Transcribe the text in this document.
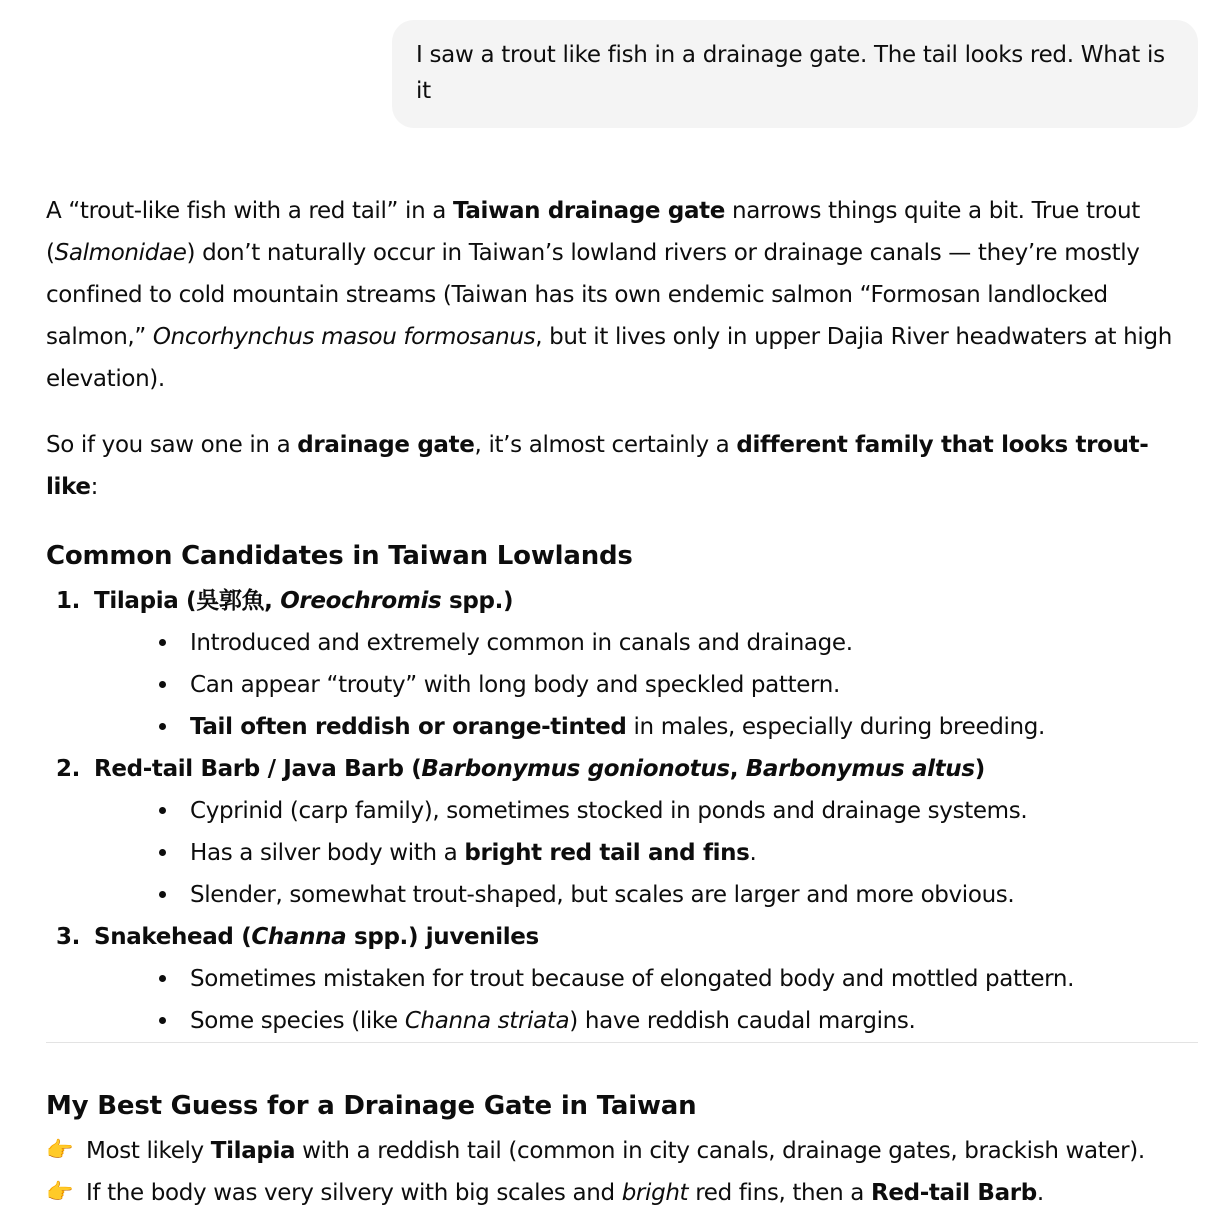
I saw a trout like fish in a drainage gate. The tail looks red. What is it

A “trout-like fish with a red tail” in a Taiwan drainage gate narrows things quite a bit. True trout (Salmonidae) don’t naturally occur in Taiwan’s lowland rivers or drainage canals — they’re mostly confined to cold mountain streams (Taiwan has its own endemic salmon “Formosan landlocked salmon,” Oncorhynchus masou formosanus, but it lives only in upper Dajia River headwaters at high elevation).

So if you saw one in a drainage gate, it’s almost certainly a different family that looks trout-like:

Common Candidates in Taiwan Lowlands
1. Tilapia (吳郭魚, Oreochromis spp.)
Introduced and extremely common in canals and drainage.
Can appear “trouty” with long body and speckled pattern.
Tail often reddish or orange-tinted in males, especially during breeding.
2. Red-tail Barb / Java Barb (Barbonymus gonionotus, Barbonymus altus)
Cyprinid (carp family), sometimes stocked in ponds and drainage systems.
Has a silver body with a bright red tail and fins.
Slender, somewhat trout-shaped, but scales are larger and more obvious.
3. Snakehead (Channa spp.) juveniles
Sometimes mistaken for trout because of elongated body and mottled pattern.
Some species (like Channa striata) have reddish caudal margins.
My Best Guess for a Drainage Gate in Taiwan
👉 Most likely Tilapia with a reddish tail (common in city canals, drainage gates, brackish water).
👉 If the body was very silvery with big scales and bright red fins, then a Red-tail Barb.
